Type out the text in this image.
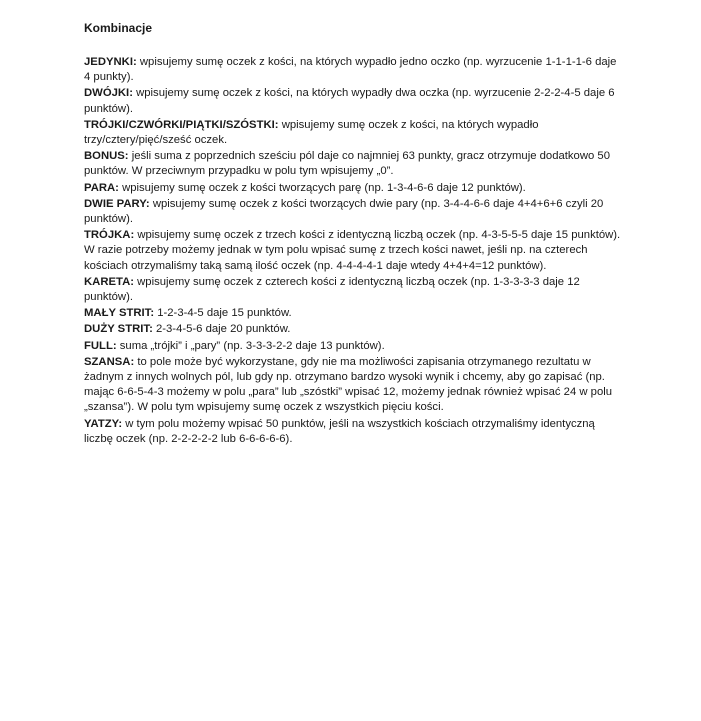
Kombinacje
JEDYNKI: wpisujemy sumę oczek z kości, na których wypadło jedno oczko (np. wyrzucenie 1-1-1-1-6 daje 4 punkty).
DWÓJKI: wpisujemy sumę oczek z kości, na których wypadły dwa oczka (np. wyrzucenie 2-2-2-4-5 daje 6 punktów).
TRÓJKI/CZWÓRKI/PIĄTKI/SZÓSTKI: wpisujemy sumę oczek z kości, na których wypadło trzy/cztery/pięć/sześć oczek.
BONUS: jeśli suma z poprzednich sześciu pól daje co najmniej 63 punkty, gracz otrzymuje dodatkowo 50 punktów. W przeciwnym przypadku w polu tym wpisujemy „0”.
PARA: wpisujemy sumę oczek z kości tworzących parę (np. 1-3-4-6-6 daje 12 punktów).
DWIE PARY: wpisujemy sumę oczek z kości tworzących dwie pary (np. 3-4-4-6-6 daje 4+4+6+6 czyli 20 punktów).
TRÓJKA: wpisujemy sumę oczek z trzech kości z identyczną liczbą oczek (np. 4-3-5-5-5 daje 15 punktów). W razie potrzeby możemy jednak w tym polu wpisać sumę z trzech kości nawet, jeśli np. na czterech kościach otrzymaliśmy taką samą ilość oczek (np. 4-4-4-4-1 daje wtedy 4+4+4=12 punktów).
KARETA: wpisujemy sumę oczek z czterech kości z identyczną liczbą oczek (np. 1-3-3-3-3 daje 12 punktów).
MAŁY STRIT: 1-2-3-4-5 daje 15 punktów.
DUŻY STRIT: 2-3-4-5-6 daje 20 punktów.
FULL: suma „trójki” i „pary” (np. 3-3-3-2-2 daje 13 punktów).
SZANSA: to pole może być wykorzystane, gdy nie ma możliwości zapisania otrzymanego rezultatu w żadnym z innych wolnych pól, lub gdy np. otrzymano bardzo wysoki wynik i chcemy, aby go zapisać (np. mając 6-6-5-4-3 możemy w polu „para” lub „szóstki” wpisać 12, możemy jednak również wpisać 24 w polu „szansa”). W polu tym wpisujemy sumę oczek z wszystkich pięciu kości.
YATZY: w tym polu możemy wpisać 50 punktów, jeśli na wszystkich kościach otrzymaliśmy identyczną liczbę oczek (np. 2-2-2-2-2 lub 6-6-6-6-6).
